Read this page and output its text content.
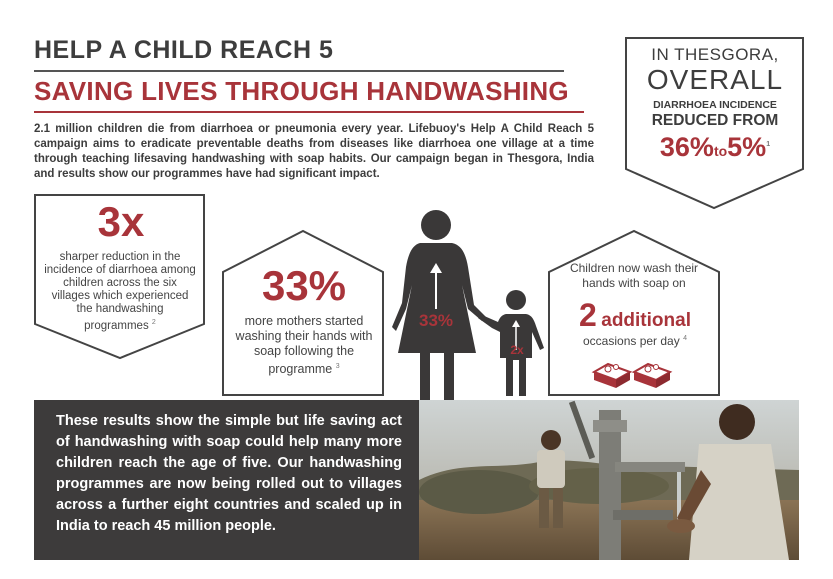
HELP A CHILD REACH 5
SAVING LIVES THROUGH HANDWASHING
2.1 million children die from diarrhoea or pneumonia every year. Lifebuoy's Help A Child Reach 5 campaign aims to eradicate preventable deaths from diseases like diarrhoea one village at a time through teaching lifesaving handwashing with soap habits. Our campaign began in Thesgora, India and results show our programmes have had significant impact.
IN THESGORA,
OVERALL
DIARRHOEA INCIDENCE
REDUCED FROM
36%to5%$^1$
3x
sharper reduction in the incidence of diarrhoea among children across the six villages which experienced the handwashing programmes $^2$
33%
more mothers started washing their hands with soap following the programme $^3$
Children now wash their hands with soap on
2 additional
occasions per day $^4$
33%
2x
These results show the simple but life saving act of handwashing with soap could help many more children reach the age of five. Our handwashing programmes are now being rolled out to villages across a further eight countries and scaled up in India to reach 45 million people.
